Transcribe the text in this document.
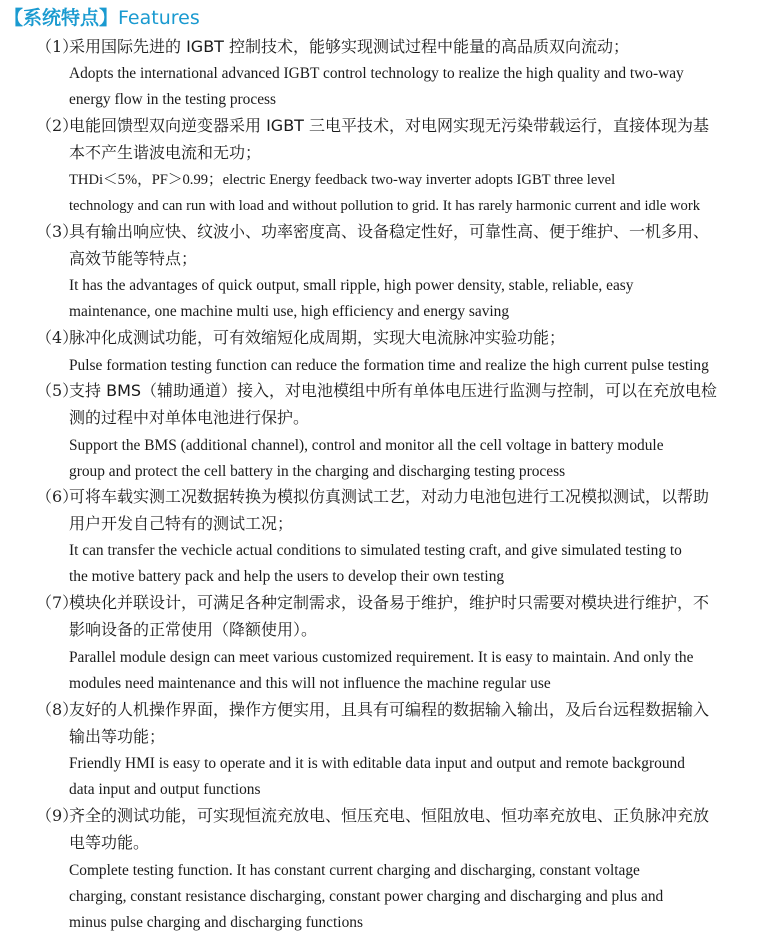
【系统特点】Features
（1）
采用国际先进的 IGBT 控制技术，能够实现测试过程中能量的高品质双向流动；
Adopts the international advanced IGBT control technology to realize the high quality and two-way
energy flow in the testing process
（2）
电能回馈型双向逆变器采用 IGBT 三电平技术，对电网实现无污染带载运行，直接体现为基
本不产生谐波电流和无功；
THDi＜5%，PF＞0.99；electric Energy feedback two-way inverter adopts IGBT three level
technology and can run with load and without pollution to grid. It has rarely harmonic current and idle work
（3）
具有输出响应快、纹波小、功率密度高、设备稳定性好，可靠性高、便于维护、一机多用、
高效节能等特点；
It has the advantages of quick output, small ripple, high power density, stable, reliable, easy
maintenance, one machine multi use, high efficiency and energy saving
（4）
脉冲化成测试功能，可有效缩短化成周期，实现大电流脉冲实验功能；
Pulse formation testing function can reduce the formation time and realize the high current pulse testing
（5）
支持 BMS（辅助通道）接入，对电池模组中所有单体电压进行监测与控制，可以在充放电检
测的过程中对单体电池进行保护。
Support the BMS (additional channel), control and monitor all the cell voltage in battery module
group and protect the cell battery in the charging and discharging testing process
（6）
可将车载实测工况数据转换为模拟仿真测试工艺，对动力电池包进行工况模拟测试，以帮助
用户开发自己特有的测试工况；
It can transfer the vechicle actual conditions to simulated testing craft, and give simulated testing to
the motive battery pack and help the users to develop their own testing
（7）
模块化并联设计，可满足各种定制需求，设备易于维护，维护时只需要对模块进行维护，不
影响设备的正常使用（降额使用）。
Parallel module design can meet various customized requirement. It is easy to maintain. And only the
modules need maintenance and this will not influence the machine regular use
（8）
友好的人机操作界面，操作方便实用，且具有可编程的数据输入输出，及后台远程数据输入
输出等功能；
Friendly HMI is easy to operate and it is with editable data input and output and remote background
data input and output functions
（9）
齐全的测试功能，可实现恒流充放电、恒压充电、恒阻放电、恒功率充放电、正负脉冲充放
电等功能。
Complete testing function. It has constant current charging and discharging, constant voltage
charging, constant resistance discharging, constant power charging and discharging and plus and
minus pulse charging and discharging functions
